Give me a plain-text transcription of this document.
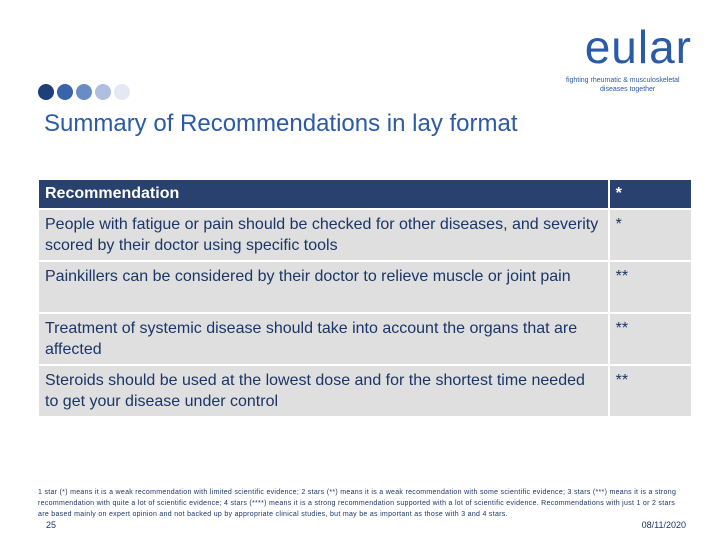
eular
fighting rheumatic & musculoskeletal
diseases together
Summary of Recommendations in lay format
Recommendation	*
People with fatigue or pain should be checked for other diseases, and severity scored by their doctor using specific tools	*
Painkillers can be considered by their doctor to relieve muscle or joint pain	**
Treatment of systemic disease should take into account the organs that are affected	**
Steroids should be used at the lowest dose and for the shortest time needed to get your disease under control	**
1 star (*) means it is a weak recommendation with limited scientific evidence; 2 stars (**) means it is a weak recommendation with some scientific evidence; 3 stars (***) means it is a strong recommendation with quite a lot of scientific evidence; 4 stars (****) means it is a strong recommendation supported with a lot of scientific evidence. Recommendations with just 1 or 2 stars are based mainly on expert opinion and not backed up by appropriate clinical studies, but may be as important as those with 3 and 4 stars.
25	08/11/2020
